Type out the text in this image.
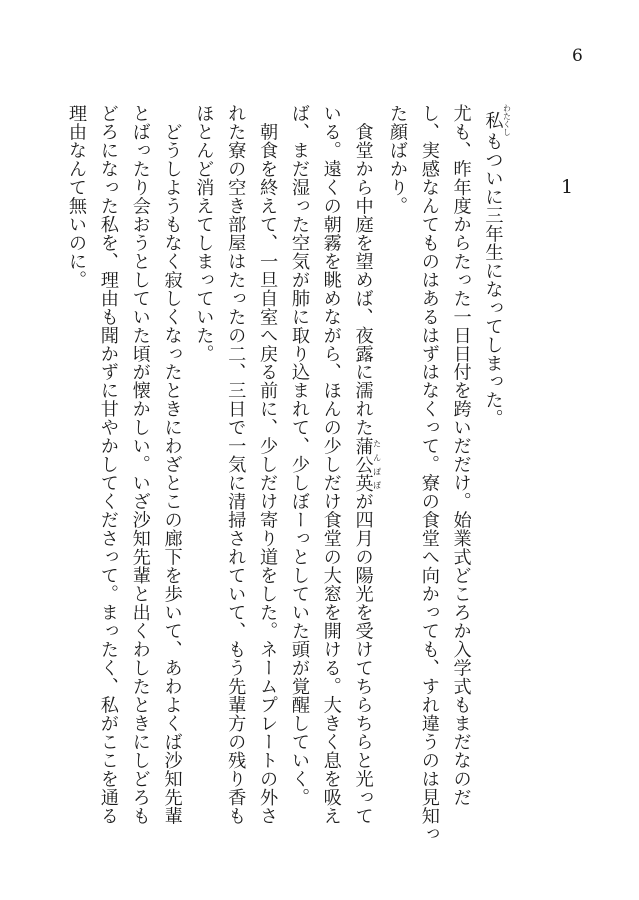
6
1
私 わたくしもついに三年生になってしまった。
尤も、昨年度からたった一日日付を跨いだだけ。始業式どころか入学式もまだなのだ
し、実感なんてものはあるはずはなくって。寮の食堂へ向かっても、すれ違うのは見知っ
た顔ばかり。
　食堂から中庭を望めば、夜露に濡れた蒲公英 たんぽぽが四月の陽光を受けてちらちらと光って
いる。遠くの朝霧を眺めながら、ほんの少しだけ食堂の大窓を開ける。大きく息を吸え
ば、まだ湿った空気が肺に取り込まれて、少しぼーっとしていた頭が覚醒していく。
　朝食を終えて、一旦自室へ戻る前に、少しだけ寄り道をした。ネームプレートの外さ
れた寮の空き部屋はたったの二、三日で一気に清掃されていて、もう先輩方の残り香も
ほとんど消えてしまっていた。
　どうしようもなく寂しくなったときにわざとこの廊下を歩いて、あわよくば沙知先輩
とばったり会おうとしていた頃が懐かしい。いざ沙知先輩と出くわしたときにしどろも
どろになった私を、理由も聞かずに甘やかしてくださって。まったく、私がここを通る
理由なんて無いのに。
